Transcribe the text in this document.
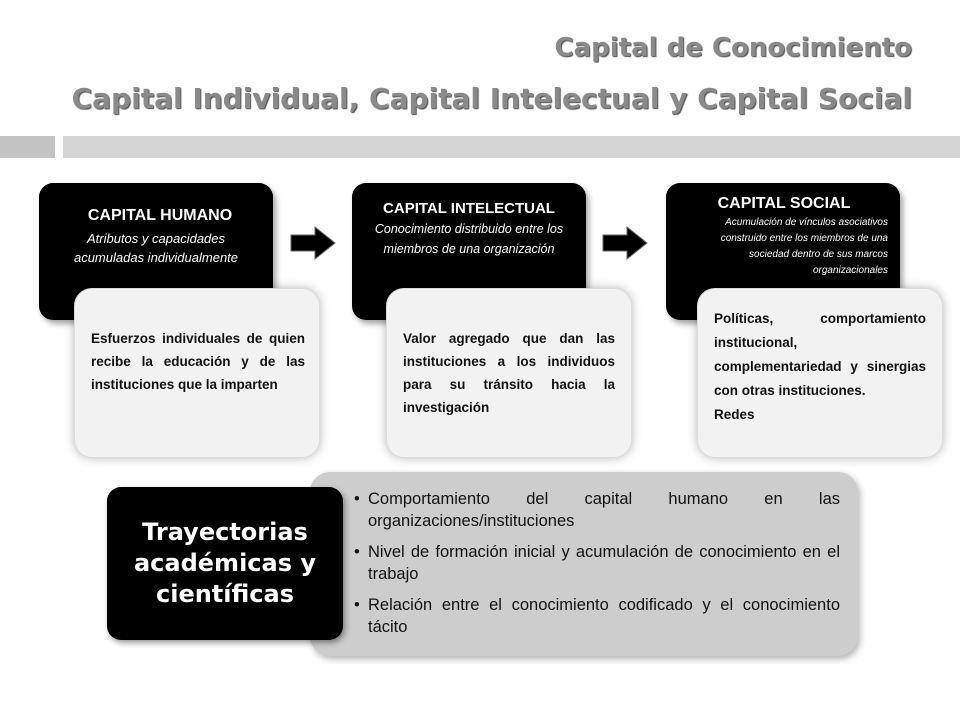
Capital de Conocimiento
Capital Individual, Capital Intelectual y Capital Social
CAPITAL HUMANO
Atributos y capacidades acumuladas individualmente
Esfuerzos individuales de quien recibe la educación y de las instituciones que la imparten
CAPITAL INTELECTUAL
Conocimiento distribuido entre los miembros de una organización
Valor agregado que dan las instituciones a los individuos para su tránsito hacia la investigación
CAPITAL SOCIAL
Acumulación de vínculos asociativos construido entre los miembros de una sociedad dentro de sus marcos organizacionales
Políticas, comportamiento institucional, complementariedad y sinergias con otras instituciones.
Redes
• Comportamiento del capital humano en las organizaciones/instituciones
• Nivel de formación inicial y acumulación de conocimiento en el trabajo
• Relación entre el conocimiento codificado y el conocimiento tácito
Trayectorias académicas y científicas
